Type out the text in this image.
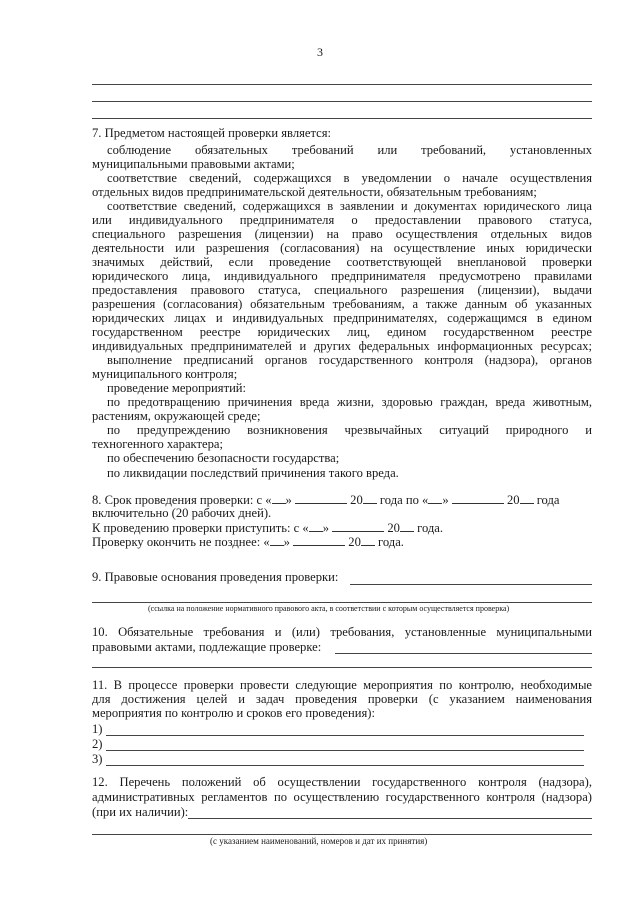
3
7. Предметом настоящей проверки является:
соблюдение обязательных требований или требований, установленных
муниципальными правовыми актами;
соответствие сведений, содержащихся в уведомлении о начале осуществления
отдельных видов предпринимательской деятельности, обязательным требованиям;
соответствие сведений, содержащихся в заявлении и документах юридического лица
или индивидуального предпринимателя о предоставлении правового статуса,
специального разрешения (лицензии) на право осуществления отдельных видов
деятельности или разрешения (согласования) на осуществление иных юридически
значимых действий, если проведение соответствующей внеплановой проверки
юридического лица, индивидуального предпринимателя предусмотрено правилами
предоставления правового статуса, специального разрешения (лицензии), выдачи
разрешения (согласования) обязательным требованиям, а также данным об указанных
юридических лицах и индивидуальных предпринимателях, содержащимся в едином
государственном реестре юридических лиц, едином государственном реестре
индивидуальных предпринимателей и других федеральных информационных ресурсах;
выполнение предписаний органов государственного контроля (надзора), органов
муниципального контроля;
проведение мероприятий:
по предотвращению причинения вреда жизни, здоровью граждан, вреда животным,
растениям, окружающей среде;
по предупреждению возникновения чрезвычайных ситуаций природного и
техногенного характера;
по обеспечению безопасности государства;
по ликвидации последствий причинения такого вреда.
8. Срок проведения проверки: с « »	20 года по « »	20 года
включительно (20 рабочих дней).
К проведению проверки приступить: с « »	20 года.
Проверку окончить не позднее: « »	20 года.
9. Правовые основания проведения проверки:
(ссылка на положение нормативного правового акта, в соответствии с которым осуществляется проверка)
10. Обязательные требования и (или) требования, установленные муниципальными
правовыми актами, подлежащие проверке:
11. В процессе проверки провести следующие мероприятия по контролю, необходимые
для достижения целей и задач проведения проверки (с указанием наименования
мероприятия по контролю и сроков его проведения):
1)
2)
3)
12. Перечень положений об осуществлении государственного контроля (надзора),
административных регламентов по осуществлению государственного контроля (надзора)
(при их наличии):
(с указанием наименований, номеров и дат их принятия)
